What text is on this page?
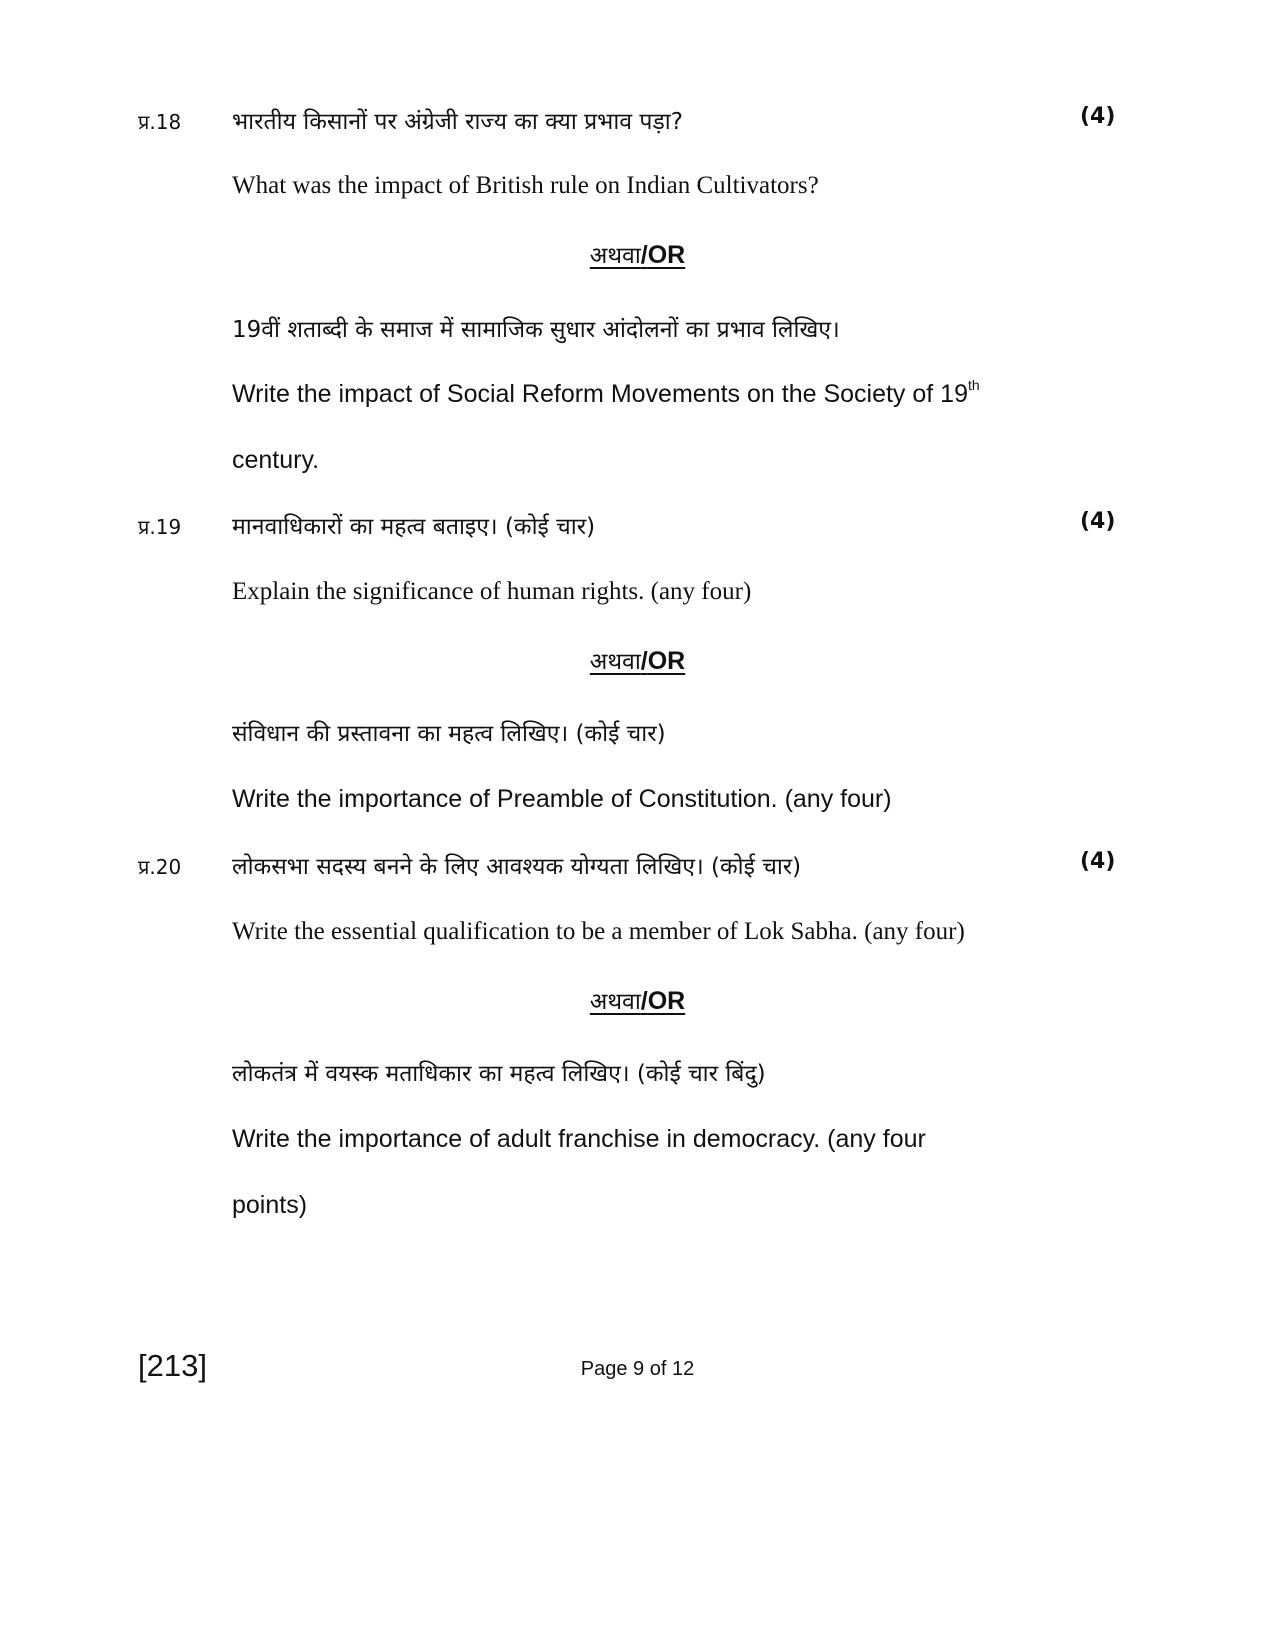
प्र.18 भारतीय किसानों पर अंग्रेजी राज्य का क्या प्रभाव पड़ा?	(4)
What was the impact of British rule on Indian Cultivators?
अथवा/OR
19वीं शताब्दी के समाज में सामाजिक सुधार आंदोलनों का प्रभाव लिखिए।
Write the impact of Social Reform Movements on the Society of 19th
century.
प्र.19 मानवाधिकारों का महत्व बताइए। (कोई चार)	(4)
Explain the significance of human rights. (any four)
अथवा/OR
संविधान की प्रस्तावना का महत्व लिखिए। (कोई चार)
Write the importance of Preamble of Constitution. (any four)
प्र.20 लोकसभा सदस्य बनने के लिए आवश्यक योग्यता लिखिए। (कोई चार)	(4)
Write the essential qualification to be a member of Lok Sabha. (any four)
अथवा/OR
लोकतंत्र में वयस्क मताधिकार का महत्व लिखिए। (कोई चार बिंदु)
Write the importance of adult franchise in democracy. (any four
points)
[213]	Page 9 of 12
